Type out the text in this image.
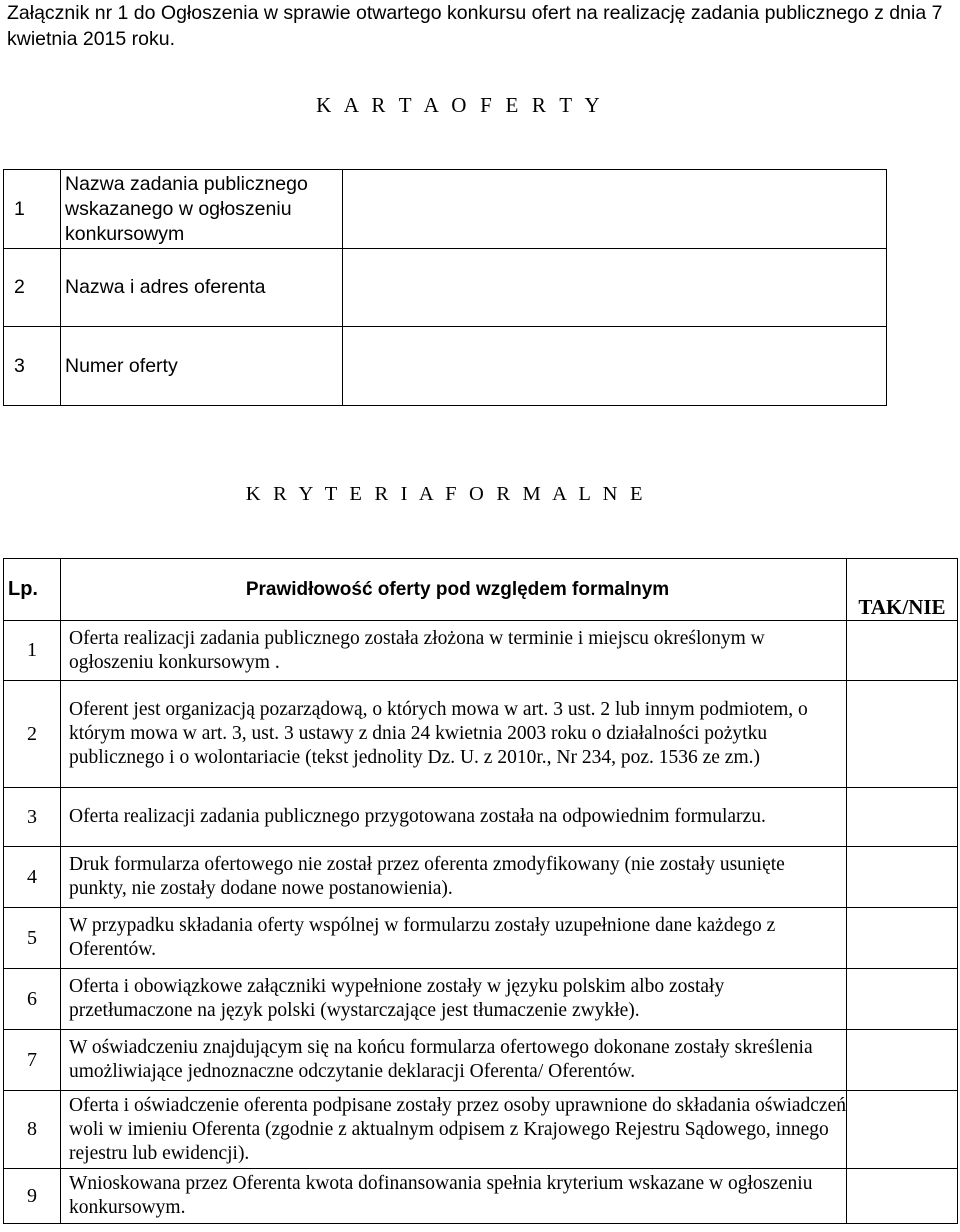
Załącznik nr 1 do Ogłoszenia w sprawie otwartego konkursu ofert na realizację zadania publicznego z dnia 7 kwietnia 2015 roku.
K A R T A O F E R T Y
1	Nazwa zadania publicznego wskazanego w ogłoszeniu konkursowym	
2	Nazwa i adres oferenta	
3	Numer oferty	
K R Y T E R I A F O R M A L N E
Lp.	Prawidłowość oferty pod względem formalnym	TAK/NIE
1	Oferta realizacji zadania publicznego została złożona w terminie i miejscu określonym w ogłoszeniu konkursowym .	
2	Oferent jest organizacją pozarządową, o których mowa w art. 3 ust. 2 lub innym podmiotem, o którym mowa w art. 3, ust. 3 ustawy z dnia 24 kwietnia 2003 roku o działalności pożytku publicznego i o wolontariacie (tekst jednolity Dz. U. z 2010r., Nr 234, poz. 1536 ze zm.)	
3	Oferta realizacji zadania publicznego przygotowana została na odpowiednim formularzu.	
4	Druk formularza ofertowego nie został przez oferenta zmodyfikowany (nie zostały usunięte punkty, nie zostały dodane nowe postanowienia).	
5	W przypadku składania oferty wspólnej w formularzu zostały uzupełnione dane każdego z Oferentów.	
6	Oferta i obowiązkowe załączniki wypełnione zostały w języku polskim albo zostały przetłumaczone na język polski (wystarczające jest tłumaczenie zwykłe).	
7	W oświadczeniu znajdującym się na końcu formularza ofertowego dokonane zostały skreślenia umożliwiające jednoznaczne odczytanie deklaracji Oferenta/ Oferentów.	
8	Oferta i oświadczenie oferenta podpisane zostały przez osoby uprawnione do składania oświadczeń woli w imieniu Oferenta (zgodnie z aktualnym odpisem z Krajowego Rejestru Sądowego, innego rejestru lub ewidencji).	
9	Wnioskowana przez Oferenta kwota dofinansowania spełnia kryterium wskazane w ogłoszeniu konkursowym.	
